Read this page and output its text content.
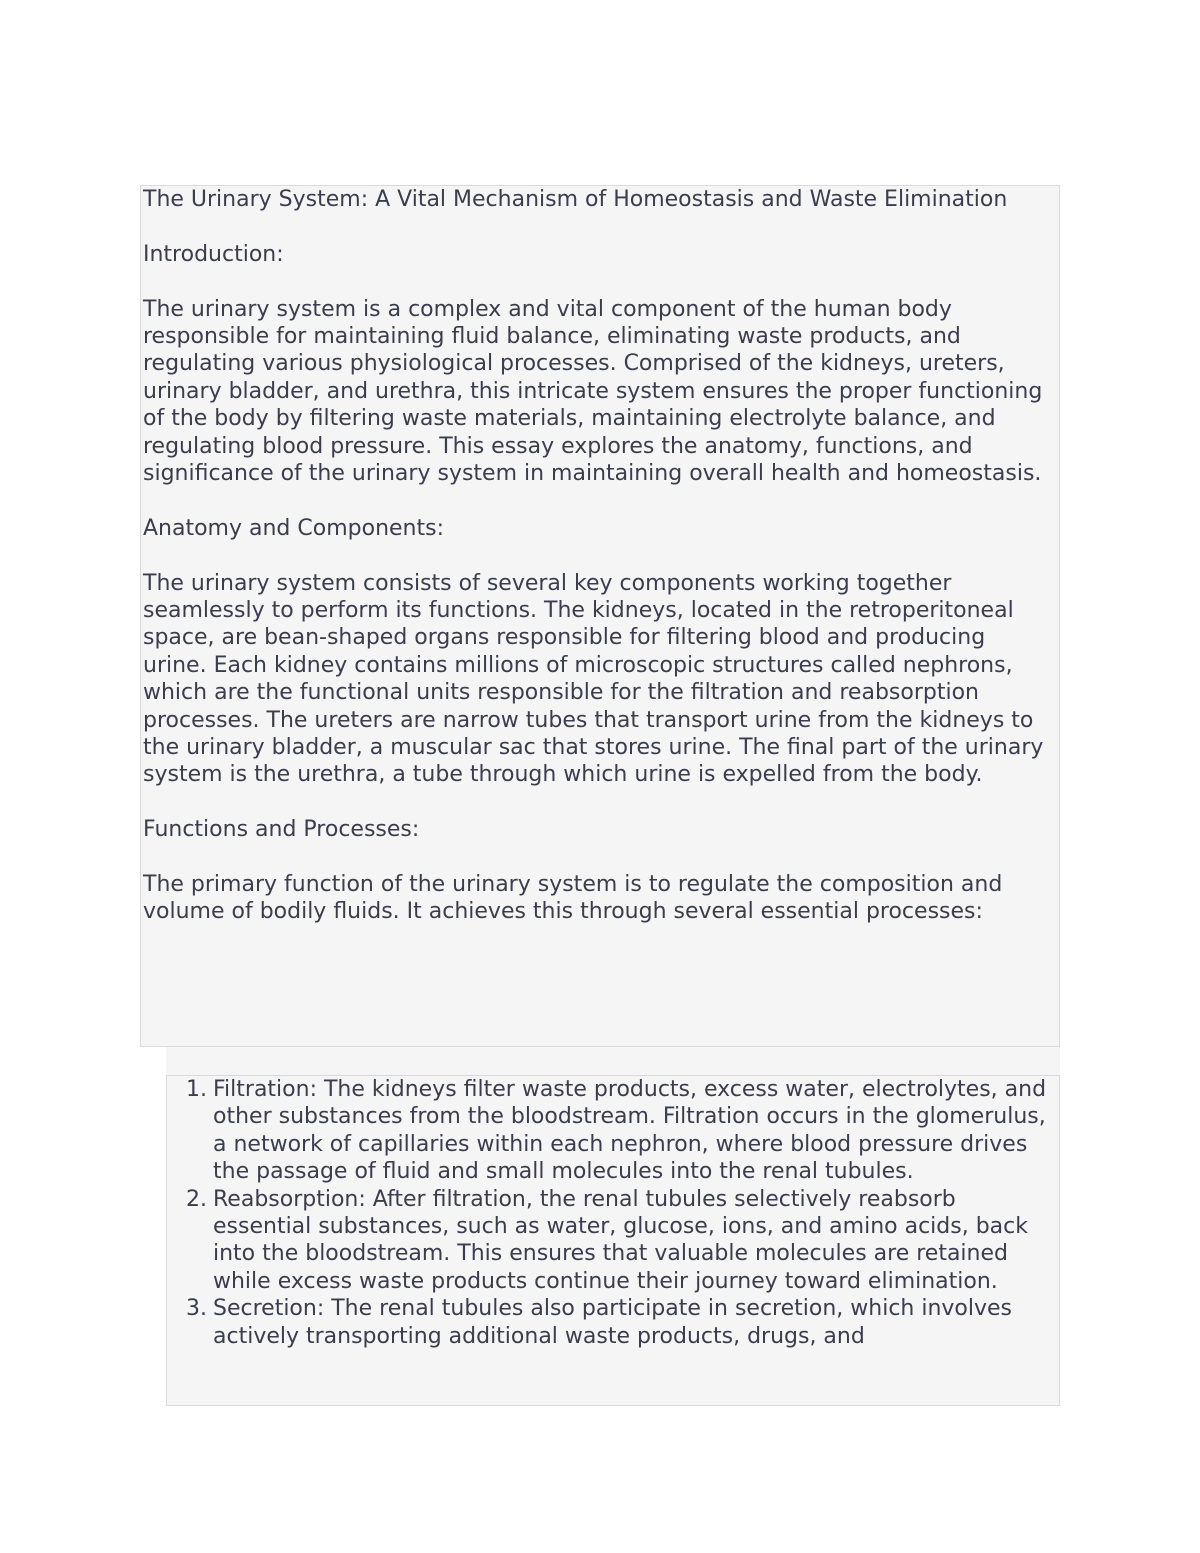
The Urinary System: A Vital Mechanism of Homeostasis and Waste Elimination

Introduction:

The urinary system is a complex and vital component of the human body responsible for maintaining fluid balance, eliminating waste products, and regulating various physiological processes. Comprised of the kidneys, ureters, urinary bladder, and urethra, this intricate system ensures the proper functioning of the body by filtering waste materials, maintaining electrolyte balance, and regulating blood pressure. This essay explores the anatomy, functions, and significance of the urinary system in maintaining overall health and homeostasis.

Anatomy and Components:

The urinary system consists of several key components working together seamlessly to perform its functions. The kidneys, located in the retroperitoneal space, are bean-shaped organs responsible for filtering blood and producing urine. Each kidney contains millions of microscopic structures called nephrons, which are the functional units responsible for the filtration and reabsorption processes. The ureters are narrow tubes that transport urine from the kidneys to the urinary bladder, a muscular sac that stores urine. The final part of the urinary system is the urethra, a tube through which urine is expelled from the body.

Functions and Processes:

The primary function of the urinary system is to regulate the composition and volume of bodily fluids. It achieves this through several essential processes:

1. Filtration: The kidneys filter waste products, excess water, electrolytes, and other substances from the bloodstream. Filtration occurs in the glomerulus, a network of capillaries within each nephron, where blood pressure drives the passage of fluid and small molecules into the renal tubules.
2. Reabsorption: After filtration, the renal tubules selectively reabsorb essential substances, such as water, glucose, ions, and amino acids, back into the bloodstream. This ensures that valuable molecules are retained while excess waste products continue their journey toward elimination.
3. Secretion: The renal tubules also participate in secretion, which involves actively transporting additional waste products, drugs, and
